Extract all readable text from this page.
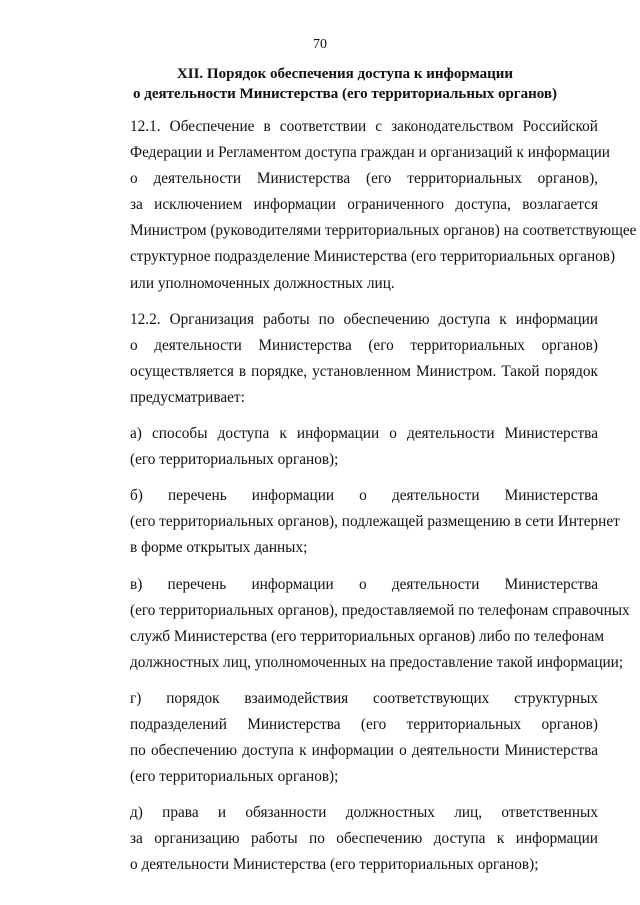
70
XII. Порядок обеспечения доступа к информации
о деятельности Министерства (его территориальных органов)

12.1. Обеспечение в соответствии с законодательством Российской
Федерации и Регламентом доступа граждан и организаций к информации
о деятельности Министерства (его территориальных органов),
за исключением информации ограниченного доступа, возлагается
Министром (руководителями территориальных органов) на соответствующее
структурное подразделение Министерства (его территориальных органов)
или уполномоченных должностных лиц.

12.2. Организация работы по обеспечению доступа к информации
о деятельности Министерства (его территориальных органов)
осуществляется в порядке, установленном Министром. Такой порядок
предусматривает:

а) способы доступа к информации о деятельности Министерства
(его территориальных органов);

б) перечень информации о деятельности Министерства
(его территориальных органов), подлежащей размещению в сети Интернет
в форме открытых данных;

в) перечень информации о деятельности Министерства
(его территориальных органов), предоставляемой по телефонам справочных
служб Министерства (его территориальных органов) либо по телефонам
должностных лиц, уполномоченных на предоставление такой информации;

г) порядок взаимодействия соответствующих структурных
подразделений Министерства (его территориальных органов)
по обеспечению доступа к информации о деятельности Министерства
(его территориальных органов);

д) права и обязанности должностных лиц, ответственных
за организацию работы по обеспечению доступа к информации
о деятельности Министерства (его территориальных органов);
